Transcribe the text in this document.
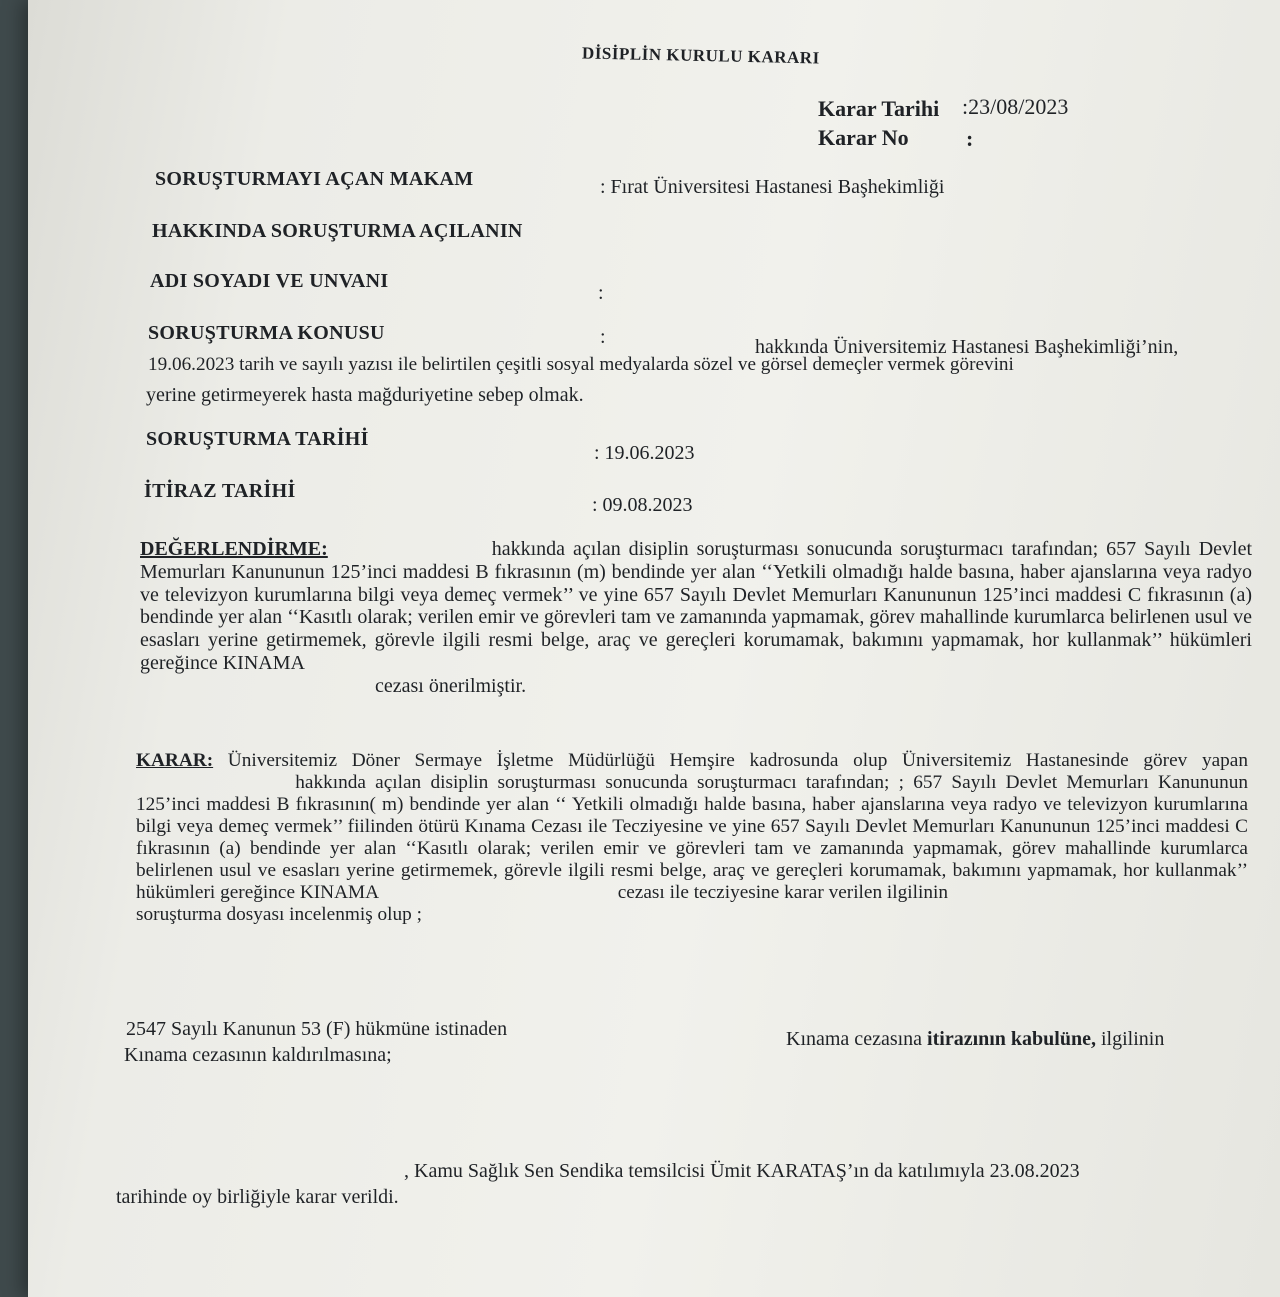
DİSİPLİN KURULU KARARI
Karar Tarihi :23/08/2023
Karar No	:
SORUŞTURMAYI AÇAN MAKAM	: Fırat Üniversitesi Hastanesi Başhekimliği
HAKKINDA SORUŞTURMA AÇILANIN
ADI SOYADI VE UNVANI
:
SORUŞTURMA KONUSU	:	hakkında Üniversitemiz Hastanesi Başhekimliği’nin,
19.06.2023 tarih ve sayılı yazısı ile belirtilen çeşitli sosyal medyalarda sözel ve görsel demeçler vermek görevini
yerine getirmeyerek hasta mağduriyetine sebep olmak.
SORUŞTURMA TARİHİ
: 19.06.2023
İTİRAZ TARİHİ
: 09.08.2023
DEĞERLENDİRME:	hakkında açılan disiplin soruşturması sonucunda soruşturmacı tarafından; 657 Sayılı Devlet Memurları Kanununun 125’inci maddesi B fıkrasının (m) bendinde yer alan ‘‘Yetkili olmadığı halde basına, haber ajanslarına veya radyo ve televizyon kurumlarına bilgi veya demeç vermek’’ ve yine 657 Sayılı Devlet Memurları Kanununun 125’inci maddesi C fıkrasının (a) bendinde yer alan ‘‘Kasıtlı olarak; verilen emir ve görevleri tam ve zamanında yapmamak, görev mahallinde kurumlarca belirlenen usul ve esasları yerine getirmemek, görevle ilgili resmi belge, araç ve gereçleri korumamak, bakımını yapmamak, hor kullanmak’’ hükümleri gereğince KINAMA
cezası önerilmiştir.
KARAR: Üniversitemiz Döner Sermaye İşletme Müdürlüğü Hemşire kadrosunda olup Üniversitemiz Hastanesinde görev yapan  hakkında açılan disiplin soruşturması sonucunda soruşturmacı tarafından; ; 657 Sayılı Devlet Memurları Kanununun 125’inci maddesi B fıkrasının( m) bendinde yer alan ‘‘ Yetkili olmadığı halde basına, haber ajanslarına veya radyo ve televizyon kurumlarına bilgi veya demeç vermek’’ fiilinden ötürü Kınama Cezası ile Tecziyesine ve yine 657 Sayılı Devlet Memurları Kanununun 125’inci maddesi C fıkrasının (a) bendinde yer alan ‘‘Kasıtlı olarak; verilen emir ve görevleri tam ve zamanında yapmamak, görev mahallinde kurumlarca belirlenen usul ve esasları yerine getirmemek, görevle ilgili resmi belge, araç ve gereçleri korumamak, bakımını yapmamak, hor kullanmak’’ hükümleri gereğince KINAMA	cezası ile tecziyesine karar verilen ilgilinin
soruşturma dosyası incelenmiş olup ;
2547 Sayılı Kanunun 53 (F) hükmüne istinaden
Kınama cezasının kaldırılmasına;
Kınama cezasına itirazının kabulüne, ilgilinin
, Kamu Sağlık Sen Sendika temsilcisi Ümit KARATAŞ’ın da katılımıyla 23.08.2023
tarihinde oy birliğiyle karar verildi.
